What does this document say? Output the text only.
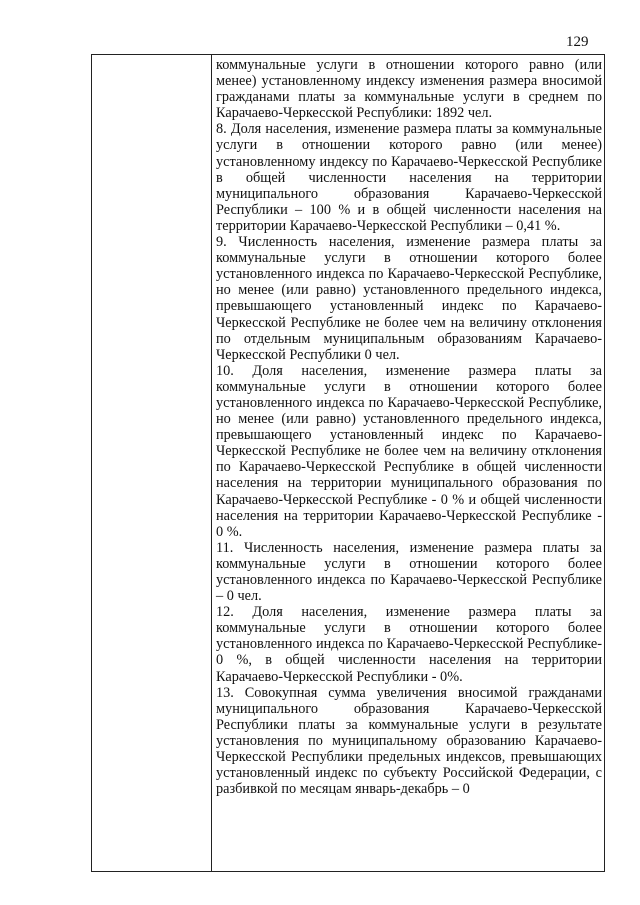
129

коммунальные услуги в отношении которого равно (или менее) установленному индексу изменения размера вносимой гражданами платы за коммунальные услуги в среднем по Карачаево-Черкесской Республики: 1892 чел.

8. Доля населения, изменение размера платы за коммунальные услуги в отношении которого равно (или менее) установленному индексу по Карачаево-Черкесской Республике в общей численности населения на территории муниципального образования Карачаево-Черкесской Республики – 100 % и в общей численности населения на территории Карачаево-Черкесской Республики – 0,41 %.

9. Численность населения, изменение размера платы за коммунальные услуги в отношении которого более установленного индекса по Карачаево-Черкесской Республике, но менее (или равно) установленного предельного индекса, превышающего установленный индекс по Карачаево-Черкесской Республике не более чем на величину отклонения по отдельным муниципальным образованиям Карачаево-Черкесской Республики 0 чел.

10. Доля населения, изменение размера платы за коммунальные услуги в отношении которого более установленного индекса по Карачаево-Черкесской Республике, но менее (или равно) установленного предельного индекса, превышающего установленный индекс по Карачаево-Черкесской Республике не более чем на величину отклонения по Карачаево-Черкесской Республике в общей численности населения на территории муниципального образования по Карачаево-Черкесской Республике - 0 % и общей численности населения на территории Карачаево-Черкесской Республике - 0 %.

11. Численность населения, изменение размера платы за коммунальные услуги в отношении которого более установленного индекса по Карачаево-Черкесской Республике – 0 чел.

12. Доля населения, изменение размера платы за коммунальные услуги в отношении которого более установленного индекса по Карачаево-Черкесской Республике- 0 %, в общей численности населения на территории Карачаево-Черкесской Республики - 0%.

13. Совокупная сумма увеличения вносимой гражданами муниципального образования Карачаево-Черкесской Республики платы за коммунальные услуги в результате установления по муниципальному образованию Карачаево-Черкесской Республики предельных индексов, превышающих установленный индекс по субъекту Российской Федерации, с разбивкой по месяцам январь-декабрь – 0
